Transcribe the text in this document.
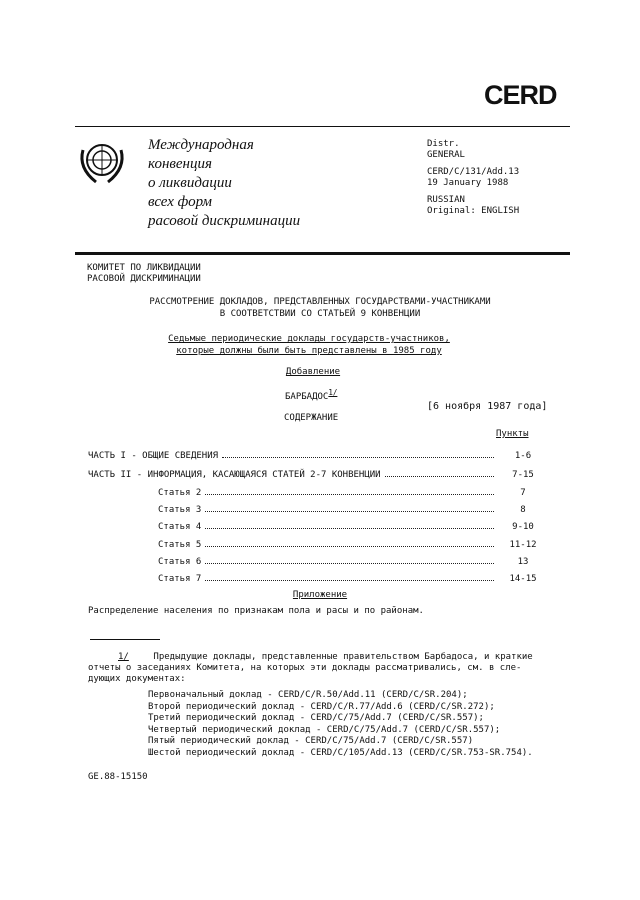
CERD
Международная
конвенция
о ликвидации
всех форм
расовой дискриминации
Distr.
GENERAL
CERD/C/131/Add.13
19 January 1988
RUSSIAN
Original: ENGLISH
КОМИТЕТ ПО ЛИКВИДАЦИИ
РАСОВОЙ ДИСКРИМИНАЦИИ
РАССМОТРЕНИЕ ДОКЛАДОВ, ПРЕДСТАВЛЕННЫХ ГОСУДАРСТВАМИ-УЧАСТНИКАМИ
В СООТВЕТСТВИИ СО СТАТЬЕЙ 9 КОНВЕНЦИИ
Седьмые периодические доклады государств-участников,
которые должны были быть представлены в 1985 году
Добавление
$БАРБАДОС^{1/}$
[6 ноября 1987 года]
СОДЕРЖАНИЕ
Пункты
ЧАСТЬ I - ОБЩИЕ СВЕДЕНИЯ	1-6
ЧАСТЬ II - ИНФОРМАЦИЯ, КАСАЮЩАЯСЯ СТАТЕЙ 2-7 КОНВЕНЦИИ	7-15
Статья 2	7
Статья 3	8
Статья 4	9-10
Статья 5	11-12
Статья 6	13
Статья 7	14-15
Приложение
Распределение населения по признакам пола и расы и по районам.
1/	Предыдущие доклады, представленные правительством Барбадоса, и краткие
отчеты о заседаниях Комитета, на которых эти доклады рассматривались, см. в сле-
дующих документах:
Первоначальный доклад - CERD/C/R.50/Add.11 (CERD/C/SR.204);
Второй периодический доклад - CERD/C/R.77/Add.6 (CERD/C/SR.272);
Третий периодический доклад - CERD/C/75/Add.7 (CERD/C/SR.557);
Четвертый периодический доклад - CERD/C/75/Add.7 (CERD/C/SR.557);
Пятый периодический доклад - CERD/C/75/Add.7 (CERD/C/SR.557)
Шестой периодический доклад - CERD/C/105/Add.13 (CERD/C/SR.753-SR.754).
GE.88-15150
